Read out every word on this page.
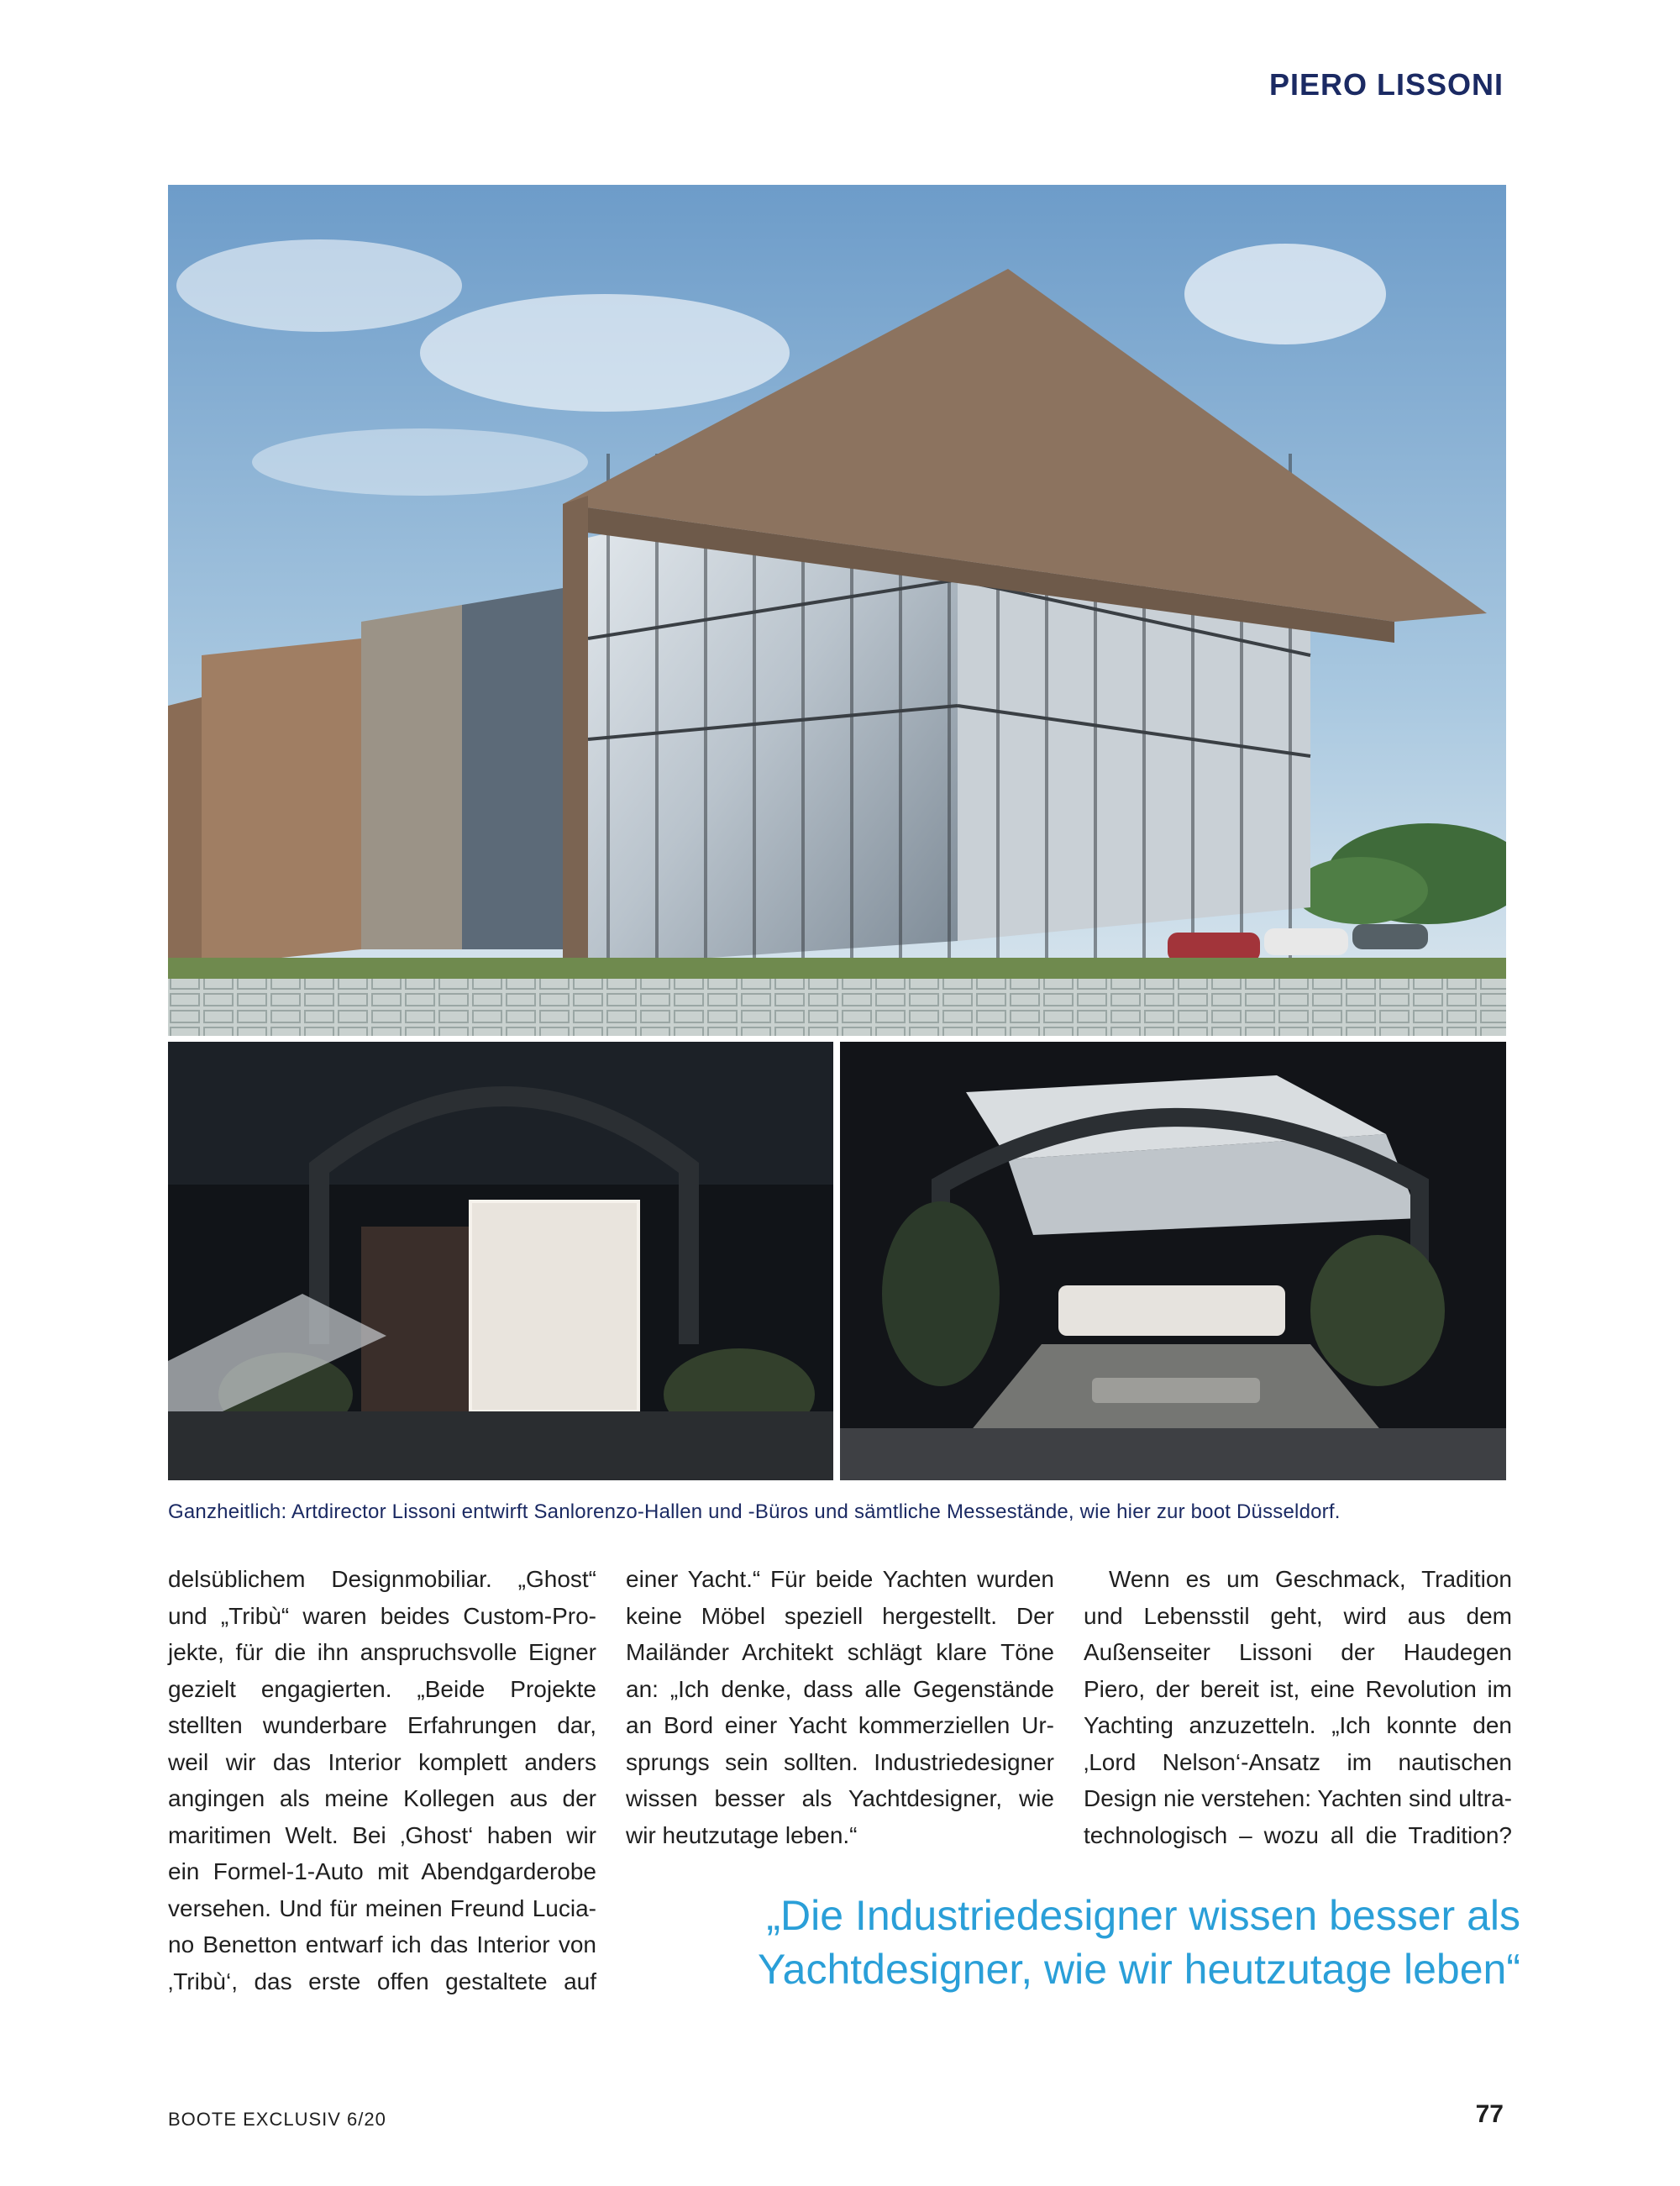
PIERO LISSONI
Ganzheitlich: Artdirector Lissoni entwirft Sanlorenzo-Hallen und -Büros und sämtliche Messestände, wie hier zur boot Düsseldorf.
delsüblichem Designmobiliar. „Ghost“
und „Tribù“ waren beides Custom-Pro-
jekte, für die ihn anspruchsvolle Eigner
gezielt engagierten. „Beide Projekte
stellten wunderbare Erfahrungen dar,
weil wir das Interior komplett anders
angingen als meine Kollegen aus der
maritimen Welt. Bei ‚Ghost‘ haben wir
ein Formel-1-Auto mit Abendgarderobe
versehen. Und für meinen Freund Lucia-
no Benetton entwarf ich das Interior von
‚Tribù‘, das erste offen gestaltete auf
einer Yacht.“ Für beide Yachten wurden
keine Möbel speziell hergestellt. Der
Mailänder Architekt schlägt klare Töne
an: „Ich denke, dass alle Gegenstände
an Bord einer Yacht kommerziellen Ur-
sprungs sein sollten. Industriedesigner
wissen besser als Yachtdesigner, wie
wir heutzutage leben.“
Wenn es um Geschmack, Tradition
und Lebensstil geht, wird aus dem
Außenseiter Lissoni der Haudegen
Piero, der bereit ist, eine Revolution im
Yachting anzuzetteln. „Ich konnte den
‚Lord Nelson‘-Ansatz im nautischen
Design nie verstehen: Yachten sind ultra-
technologisch – wozu all die Tradition?
„Die Industriedesigner wissen besser als
Yachtdesigner, wie wir heutzutage leben“
BOOTE EXCLUSIV 6/20	77
